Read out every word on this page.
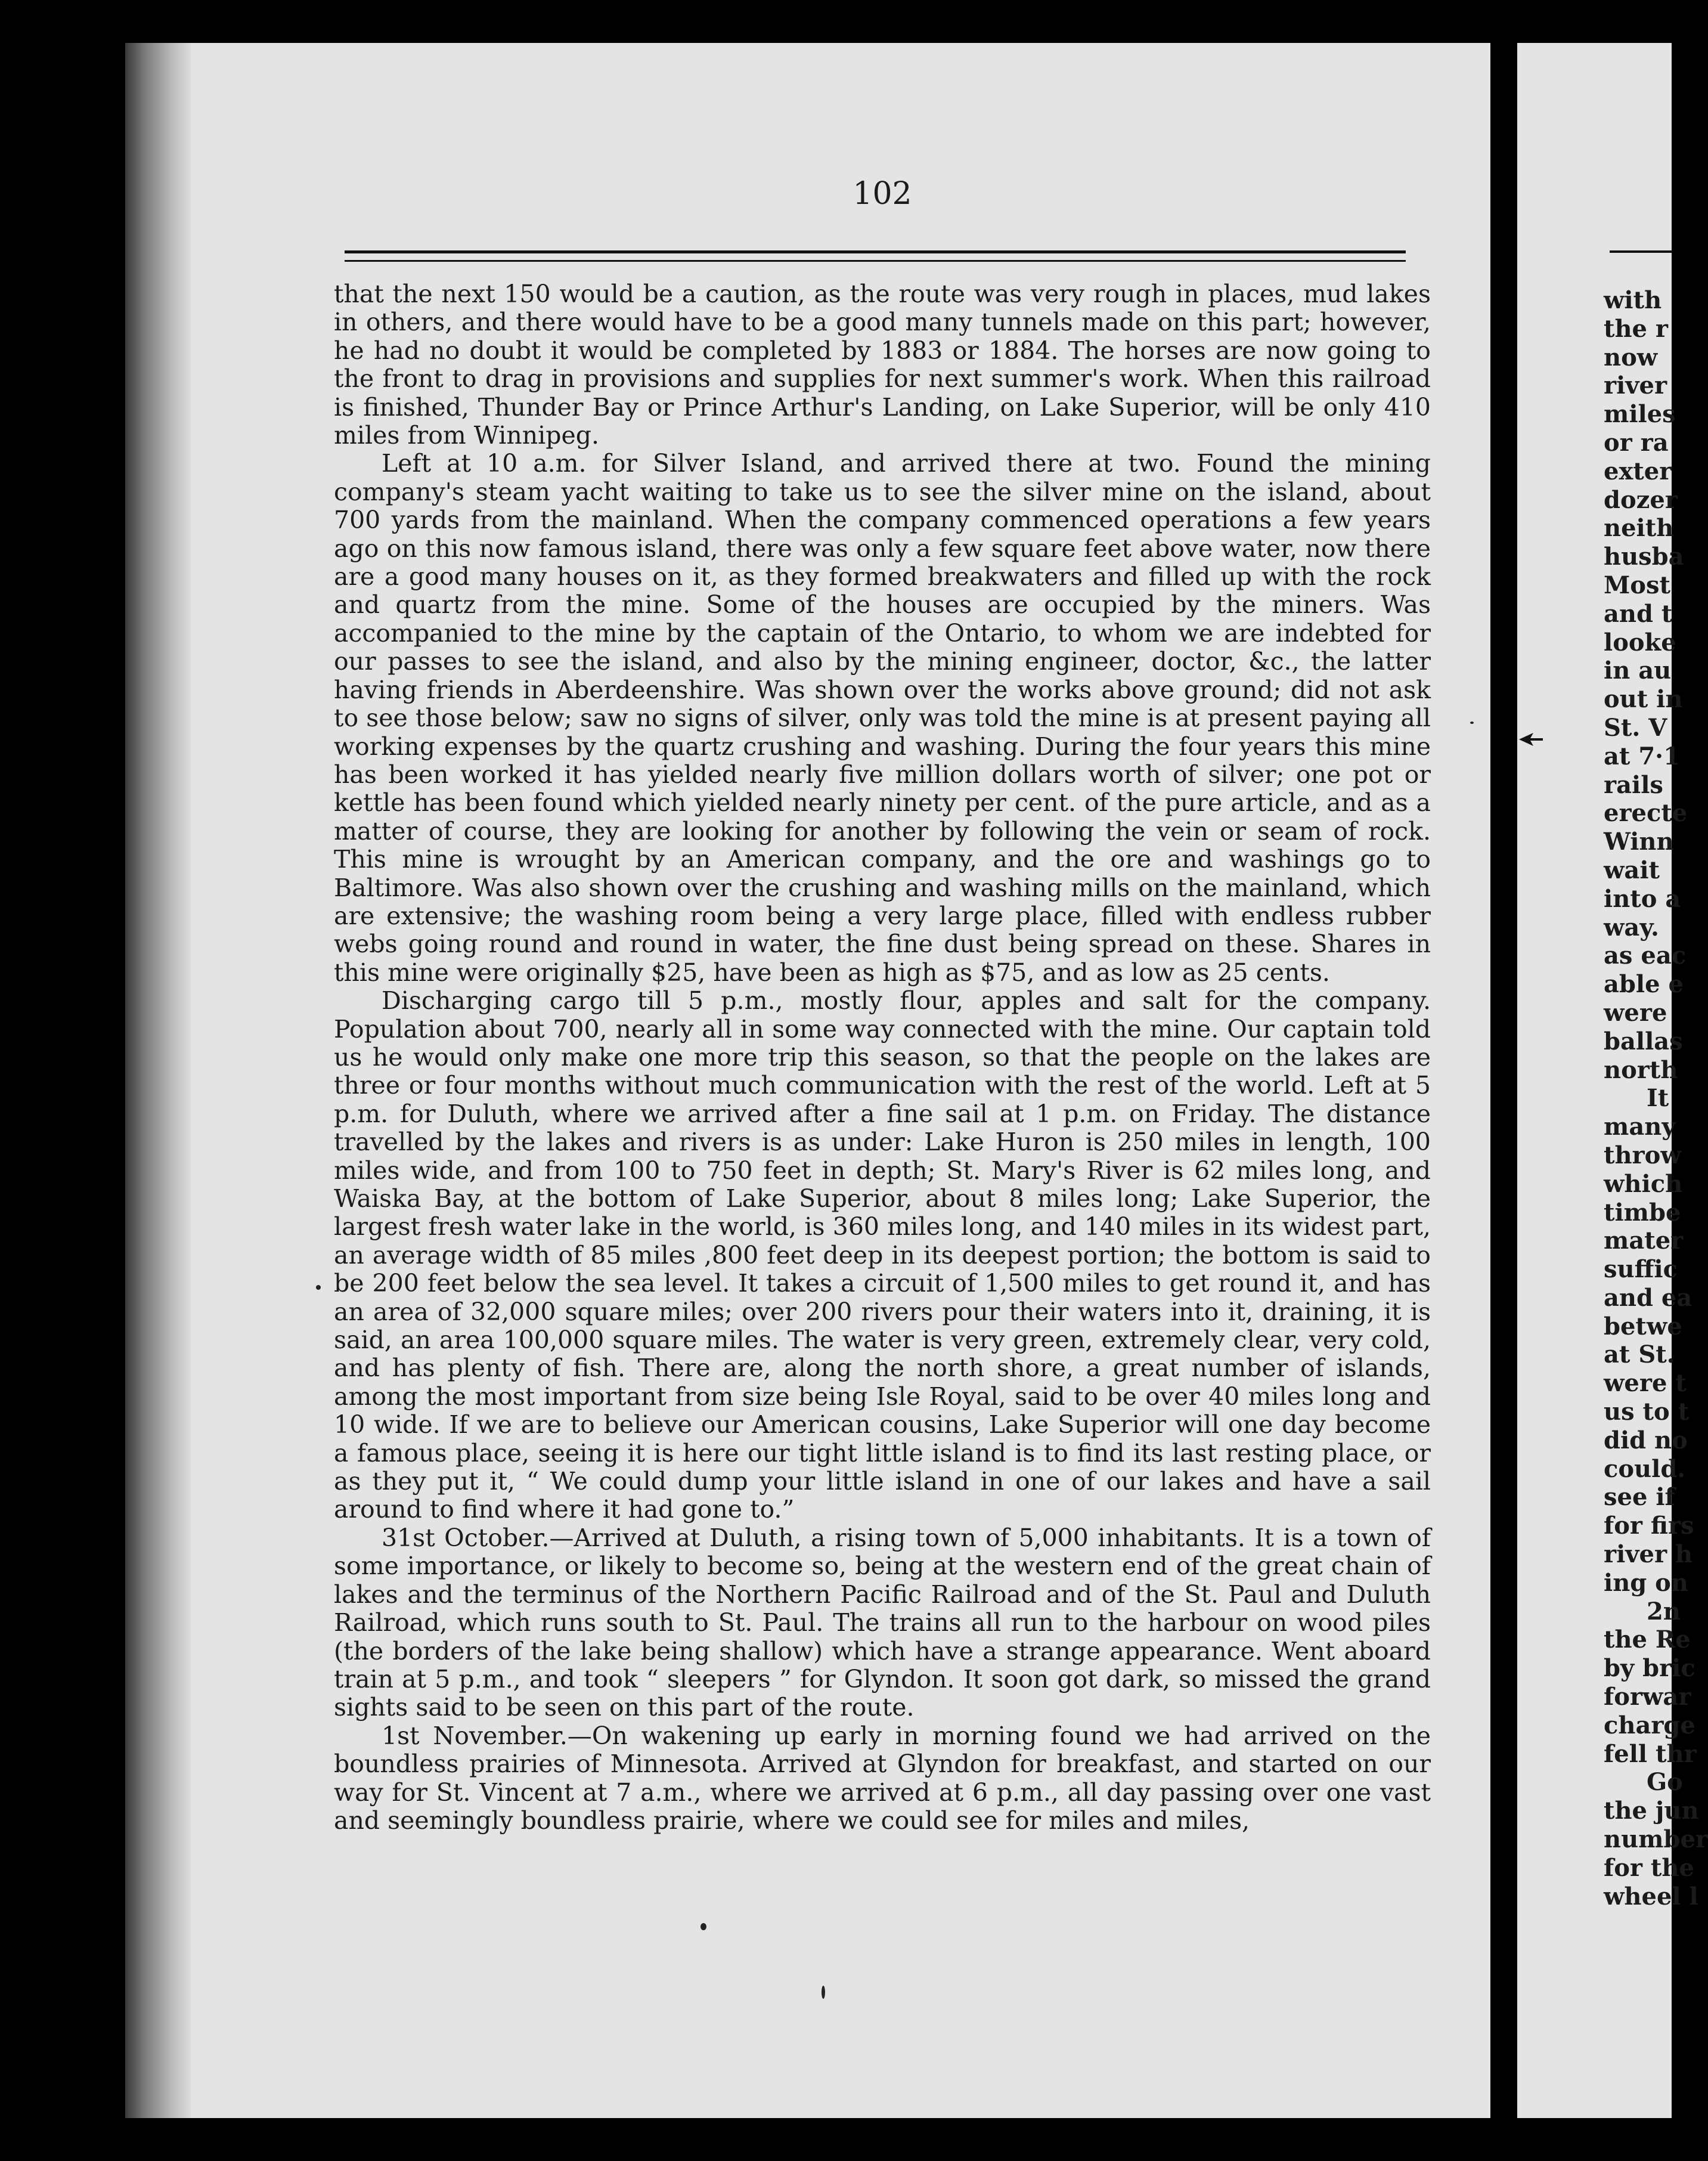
102

that the next 150 would be a caution, as the route was very rough in places, mud lakes in others, and there would have to be a good many tunnels made on this part; however, he had no doubt it would be completed by 1883 or 1884. The horses are now going to the front to drag in provisions and supplies for next summer's work. When this railroad is finished, Thunder Bay or Prince Arthur's Landing, on Lake Superior, will be only 410 miles from Winnipeg.

Left at 10 a.m. for Silver Island, and arrived there at two. Found the mining company's steam yacht waiting to take us to see the silver mine on the island, about 700 yards from the mainland. When the company commenced operations a few years ago on this now famous island, there was only a few square feet above water, now there are a good many houses on it, as they formed breakwaters and filled up with the rock and quartz from the mine. Some of the houses are occupied by the miners. Was accompanied to the mine by the captain of the Ontario, to whom we are indebted for our passes to see the island, and also by the mining engineer, doctor, &c., the latter having friends in Aberdeenshire. Was shown over the works above ground; did not ask to see those below; saw no signs of silver, only was told the mine is at present paying all working expenses by the quartz crushing and washing. During the four years this mine has been worked it has yielded nearly five million dollars worth of silver; one pot or kettle has been found which yielded nearly ninety per cent. of the pure article, and as a matter of course, they are looking for another by following the vein or seam of rock. This mine is wrought by an American company, and the ore and washings go to Baltimore. Was also shown over the crushing and washing mills on the mainland, which are extensive; the washing room being a very large place, filled with endless rubber webs going round and round in water, the fine dust being spread on these. Shares in this mine were originally $25, have been as high as $75, and as low as 25 cents.

Discharging cargo till 5 p.m., mostly flour, apples and salt for the company. Population about 700, nearly all in some way connected with the mine. Our captain told us he would only make one more trip this season, so that the people on the lakes are three or four months without much communication with the rest of the world. Left at 5 p.m. for Duluth, where we arrived after a fine sail at 1 p.m. on Friday. The distance travelled by the lakes and rivers is as under: Lake Huron is 250 miles in length, 100 miles wide, and from 100 to 750 feet in depth; St. Mary's River is 62 miles long, and Waiska Bay, at the bottom of Lake Superior, about 8 miles long; Lake Superior, the largest fresh water lake in the world, is 360 miles long, and 140 miles in its widest part, an average width of 85 miles ,800 feet deep in its deepest portion; the bottom is said to be 200 feet below the sea level. It takes a circuit of 1,500 miles to get round it, and has an area of 32,000 square miles; over 200 rivers pour their waters into it, draining, it is said, an area 100,000 square miles. The water is very green, extremely clear, very cold, and has plenty of fish. There are, along the north shore, a great number of islands, among the most important from size being Isle Royal, said to be over 40 miles long and 10 wide. If we are to believe our American cousins, Lake Superior will one day become a famous place, seeing it is here our tight little island is to find its last resting place, or as they put it, “ We could dump your little island in one of our lakes and have a sail around to find where it had gone to.”

31st October.—Arrived at Duluth, a rising town of 5,000 inhabitants. It is a town of some importance, or likely to become so, being at the western end of the great chain of lakes and the terminus of the Northern Pacific Railroad and of the St. Paul and Duluth Railroad, which runs south to St. Paul. The trains all run to the harbour on wood piles (the borders of the lake being shallow) which have a strange appearance. Went aboard train at 5 p.m., and took “ sleepers ” for Glyndon. It soon got dark, so missed the grand sights said to be seen on this part of the route.

1st November.—On wakening up early in morning found we had arrived on the boundless prairies of Minnesota. Arrived at Glyndon for breakfast, and started on our way for St. Vincent at 7 a.m., where we arrived at 6 p.m., all day passing over one vast and seemingly boundless prairie, where we could see for miles and miles,

with
the r
now
river
miles
or ra
exter
dozer
neith
husba
Most
and t
looke
in au
out in
St. V
at 7·1
rails
erecte
Winn
wait
into a
way.
as eac
able e
were
ballas
north
It
many
throw
which
timbe
mater
suffic
and ea
betwe
at St.
were t
us to t
did no
could.
see if
for firs
river h
ing on
2n
the Re
by bric
forwar
charge
fell thr
Go
the jun
number
for the
wheel l
